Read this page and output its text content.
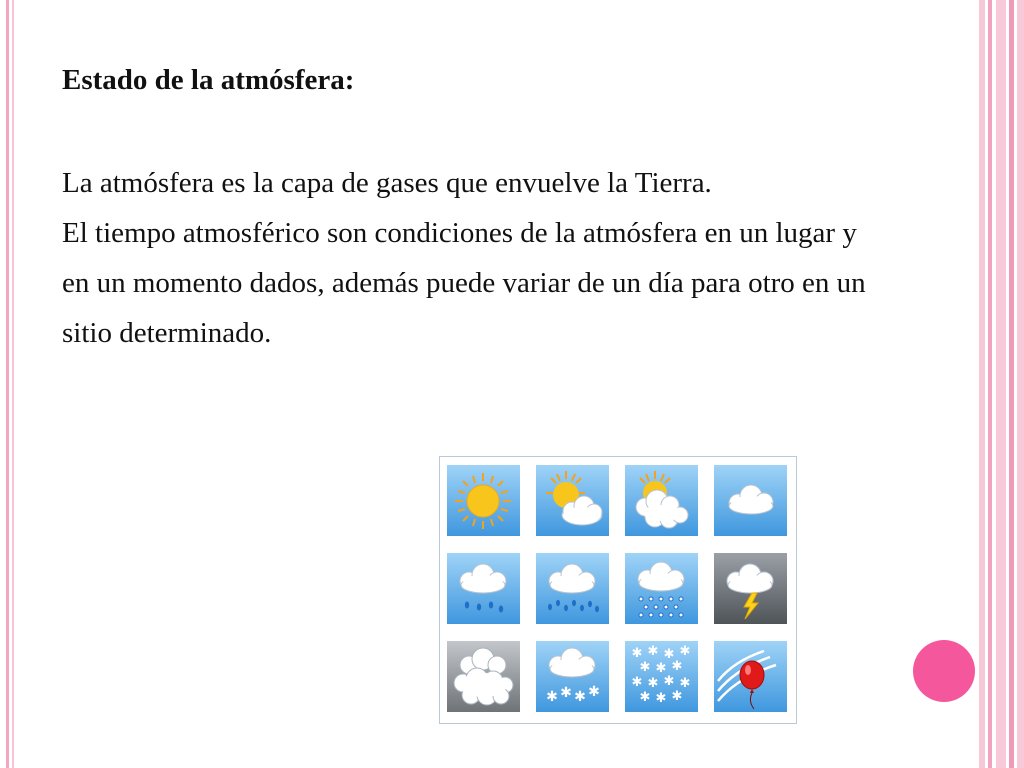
Estado de la atmósfera:

La atmósfera es la capa de gases que envuelve la Tierra.

El tiempo atmosférico son condiciones de la atmósfera en un lugar y en un momento dados, además puede variar de un día para otro en un sitio determinado.

✱ ✱ ✱ ✱
✱ ✱ ✱ ✱
✱ ✱ ✱
✱ ✱ ✱ ✱
✱ ✱ ✱
